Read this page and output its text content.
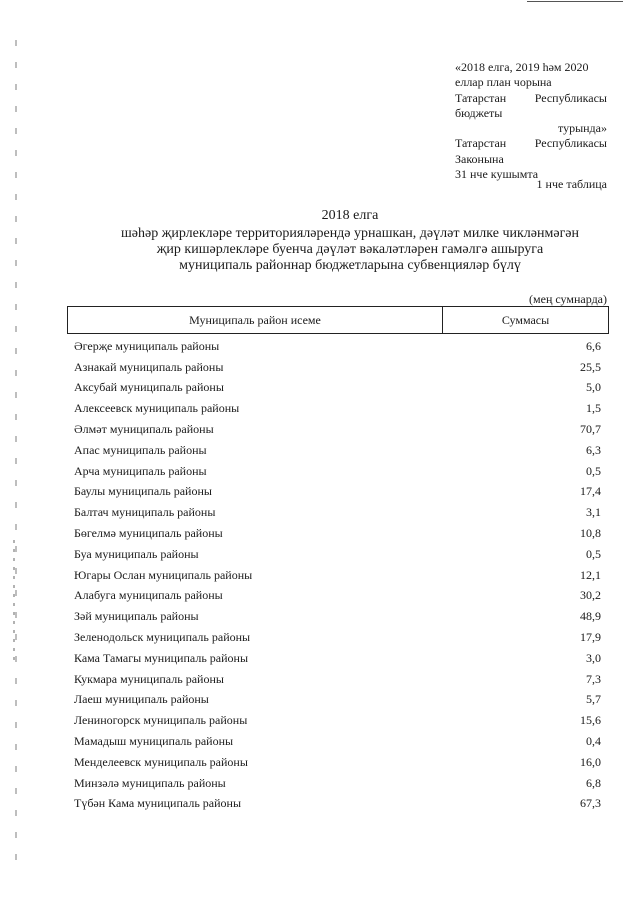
«2018 елга, 2019 һәм 2020
еллар план чорына
Татарстан Республикасы
бюджеты
турында»
Татарстан Республикасы
Законына
31 нче кушымта
1 нче таблица
2018 елга
шәһәр җирлекләре территорияләрендә урнашкан, дәүләт милке чикләнмәгән
җир кишәрлекләре буенча дәүләт вәкаләтләрен гамәлгә ашыруга
муниципаль районнар бюджетларына субвенцияләр бүлү
(мең сумнарда)
Муниципаль район исеме	Суммасы
Әгерҗе муниципаль районы	6,6
Азнакай муниципаль районы	25,5
Аксубай муниципаль районы	5,0
Алексеевск муниципаль районы	1,5
Әлмәт муниципаль районы	70,7
Апас муниципаль районы	6,3
Арча муниципаль районы	0,5
Баулы муниципаль районы	17,4
Балтач муниципаль районы	3,1
Бөгелмә муниципаль районы	10,8
Буа муниципаль районы	0,5
Югары Ослан муниципаль районы	12,1
Алабуга муниципаль районы	30,2
Зәй муниципаль районы	48,9
Зеленодольск муниципаль районы	17,9
Кама Тамагы муниципаль районы	3,0
Кукмара муниципаль районы	7,3
Лаеш муниципаль районы	5,7
Лениногорск муниципаль районы	15,6
Мамадыш муниципаль районы	0,4
Менделеевск муниципаль районы	16,0
Минзәлә муниципаль районы	6,8
Түбән Кама муниципаль районы	67,3
